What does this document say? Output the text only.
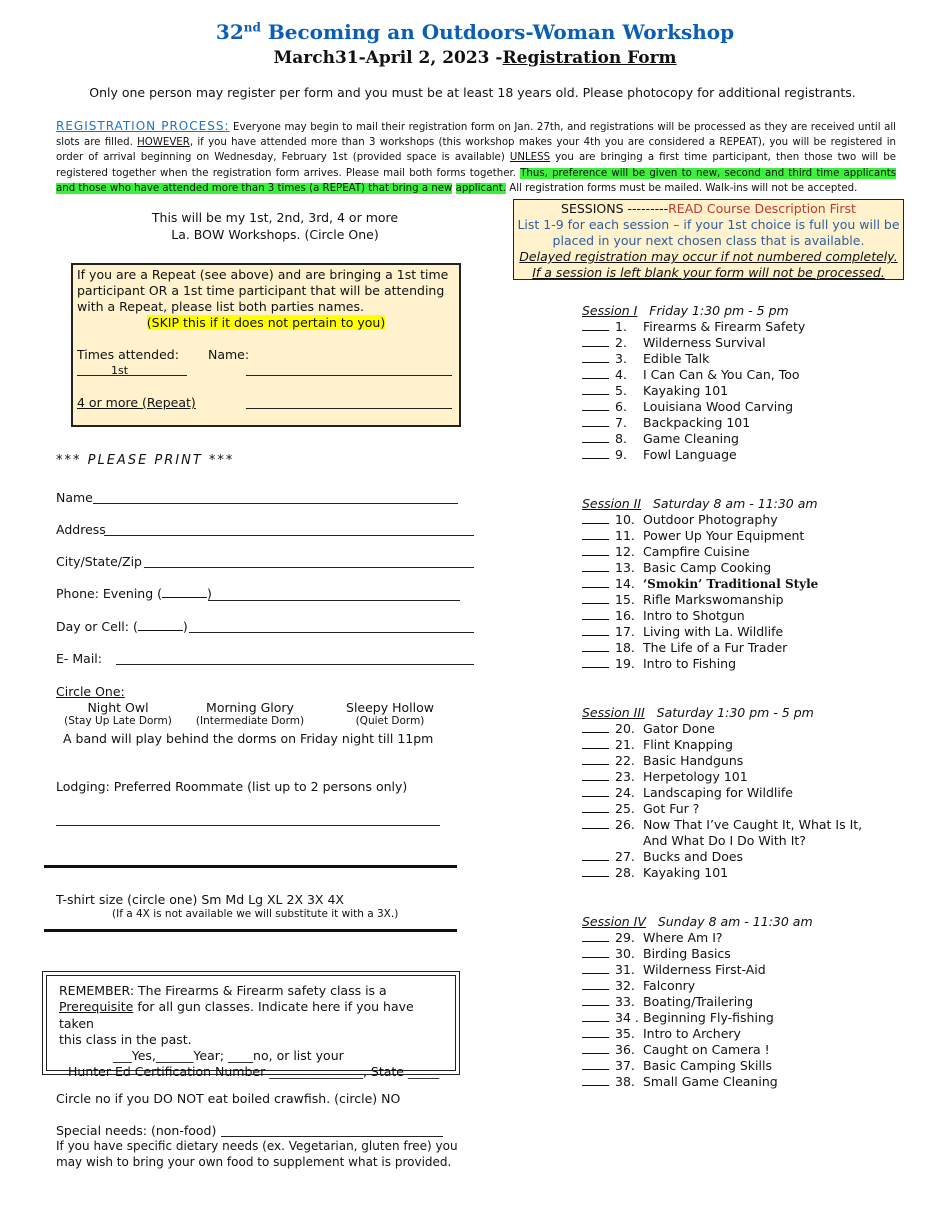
32nd Becoming an Outdoors-Woman Workshop
March31-April 2, 2023 -Registration Form
Only one person may register per form and you must be at least 18 years old. Please photocopy for additional registrants.
REGISTRATION PROCESS: Everyone may begin to mail their registration form on Jan. 27th, and registrations will be processed as they are received until all slots are filled. HOWEVER, if you have attended more than 3 workshops (this workshop makes your 4th you are considered a REPEAT), you will be registered in order of arrival beginning on Wednesday, February 1st (provided space is available) UNLESS you are bringing a first time participant, then those two will be registered together when the registration form arrives. Please mail both forms together. Thus, preference will be given to new, second and third time applicants and those who have attended more than 3 times (a REPEAT) that bring a new applicant. All registration forms must be mailed. Walk-ins will not be accepted.
This will be my 1st, 2nd, 3rd, 4 or more
La. BOW Workshops. (Circle One)
If you are a Repeat (see above) and are bringing a 1st time participant OR a 1st time participant that will be attending with a Repeat, please list both parties names.
(SKIP this if it does not pertain to you)
Times attended: Name:
1st
4 or more (Repeat)
SESSIONS ---------READ Course Description First
List 1-9 for each session – if your 1st choice is full you will be
placed in your next chosen class that is available.
Delayed registration may occur if not numbered completely.
If a session is left blank your form will not be processed.
*** PLEASE PRINT ***
Name
Address
City/State/Zip
Phone: Evening (	)
Day or Cell: (	)
E- Mail:
Circle One:
Night Owl
(Stay Up Late Dorm)
Morning Glory
(Intermediate Dorm)
Sleepy Hollow
(Quiet Dorm)
A band will play behind the dorms on Friday night till 11pm
Lodging: Preferred Roommate (list up to 2 persons only)
T-shirt size (circle one) Sm Md Lg XL 2X 3X 4X
(If a 4X is not available we will substitute it with a 3X.)
REMEMBER: The Firearms & Firearm safety class is a
Prerequisite for all gun classes. Indicate here if you have taken
this class in the past.
___Yes,______Year; ____no, or list your
Hunter Ed Certification Number _______________, State _____
Circle no if you DO NOT eat boiled crawfish. (circle) NO
Special needs: (non-food)
If you have specific dietary needs (ex. Vegetarian, gluten free) you
may wish to bring your own food to supplement what is provided.
Session I   Friday 1:30 pm - 5 pm
1. Firearms & Firearm Safety
2. Wilderness Survival
3. Edible Talk
4. I Can Can & You Can, Too
5. Kayaking 101
6. Louisiana Wood Carving
7. Backpacking 101
8. Game Cleaning
9. Fowl Language
Session II   Saturday 8 am - 11:30 am
10. Outdoor Photography
11. Power Up Your Equipment
12. Campfire Cuisine
13. Basic Camp Cooking
14. ‘Smokin’ Traditional Style
15. Rifle Markswomanship
16. Intro to Shotgun
17. Living with La. Wildlife
18. The Life of a Fur Trader
19. Intro to Fishing
Session III   Saturday 1:30 pm - 5 pm
20. Gator Done
21. Flint Knapping
22. Basic Handguns
23. Herpetology 101
24. Landscaping for Wildlife
25. Got Fur ?
26. Now That I’ve Caught It, What Is It,
And What Do I Do With It?
27. Bucks and Does
28. Kayaking 101
Session IV   Sunday 8 am - 11:30 am
29. Where Am I?
30. Birding Basics
31. Wilderness First-Aid
32. Falconry
33. Boating/Trailering
34 . Beginning Fly-fishing
35. Intro to Archery
36. Caught on Camera !
37. Basic Camping Skills
38. Small Game Cleaning
